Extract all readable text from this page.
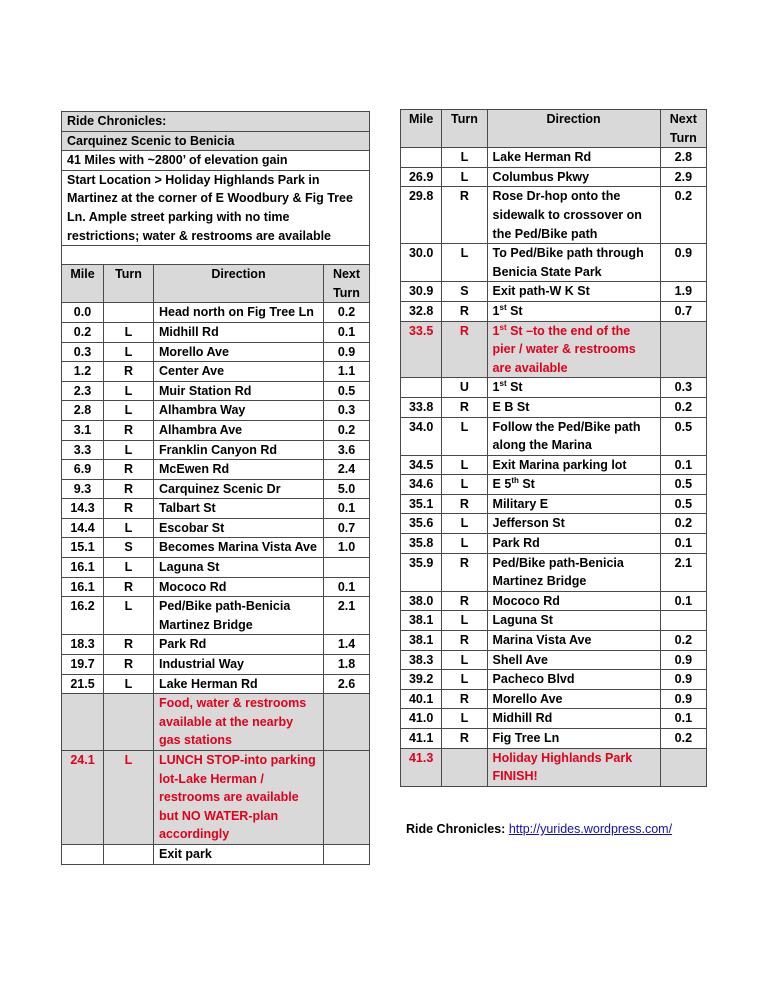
Ride Chronicles:			
Carquinez Scenic to Benicia			
41 Miles with ~2800’ of elevation gain			
Start Location > Holiday Highlands Park in Martinez at the corner of E Woodbury & Fig Tree Ln. Ample street parking with no time restrictions; water & restrooms are available			

Mile	Turn	Direction	Next Turn
0.0		Head north on Fig Tree Ln	0.2
0.2	L	Midhill Rd	0.1
0.3	L	Morello Ave	0.9
1.2	R	Center Ave	1.1
2.3	L	Muir Station Rd	0.5
2.8	L	Alhambra Way	0.3
3.1	R	Alhambra Ave	0.2
3.3	L	Franklin Canyon Rd	3.6
6.9	R	McEwen Rd	2.4
9.3	R	Carquinez Scenic Dr	5.0
14.3	R	Talbart St	0.1
14.4	L	Escobar St	0.7
15.1	S	Becomes Marina Vista Ave	1.0
16.1	L	Laguna St	
16.1	R	Mococo Rd	0.1
16.2	L	Ped/Bike path-Benicia Martinez Bridge	2.1
18.3	R	Park Rd	1.4
19.7	R	Industrial Way	1.8
21.5	L	Lake Herman Rd	2.6
		Food, water & restrooms available at the nearby gas stations	
24.1	L	LUNCH STOP-into parking lot-Lake Herman / restrooms are available but NO WATER-plan accordingly	
		Exit park	
Mile	Turn	Direction	Next Turn
	L	Lake Herman Rd	2.8
26.9	L	Columbus Pkwy	2.9
29.8	R	Rose Dr-hop onto the sidewalk to crossover on the Ped/Bike path	0.2
30.0	L	To Ped/Bike path through Benicia State Park	0.9
30.9	S	Exit path-W K St	1.9
32.8	R	1st St	0.7
33.5	R	1st St –to the end of the pier / water & restrooms are available	
	U	1st St	0.3
33.8	R	E B St	0.2
34.0	L	Follow the Ped/Bike path along the Marina	0.5
34.5	L	Exit Marina parking lot	0.1
34.6	L	E 5th St	0.5
35.1	R	Military E	0.5
35.6	L	Jefferson St	0.2
35.8	L	Park Rd	0.1
35.9	R	Ped/Bike path-Benicia Martinez Bridge	2.1
38.0	R	Mococo Rd	0.1
38.1	L	Laguna St	
38.1	R	Marina Vista Ave	0.2
38.3	L	Shell Ave	0.9
39.2	L	Pacheco Blvd	0.9
40.1	R	Morello Ave	0.9
41.0	L	Midhill Rd	0.1
41.1	R	Fig Tree Ln	0.2
41.3		Holiday Highlands Park FINISH!	
Ride Chronicles: http://yurides.wordpress.com/
